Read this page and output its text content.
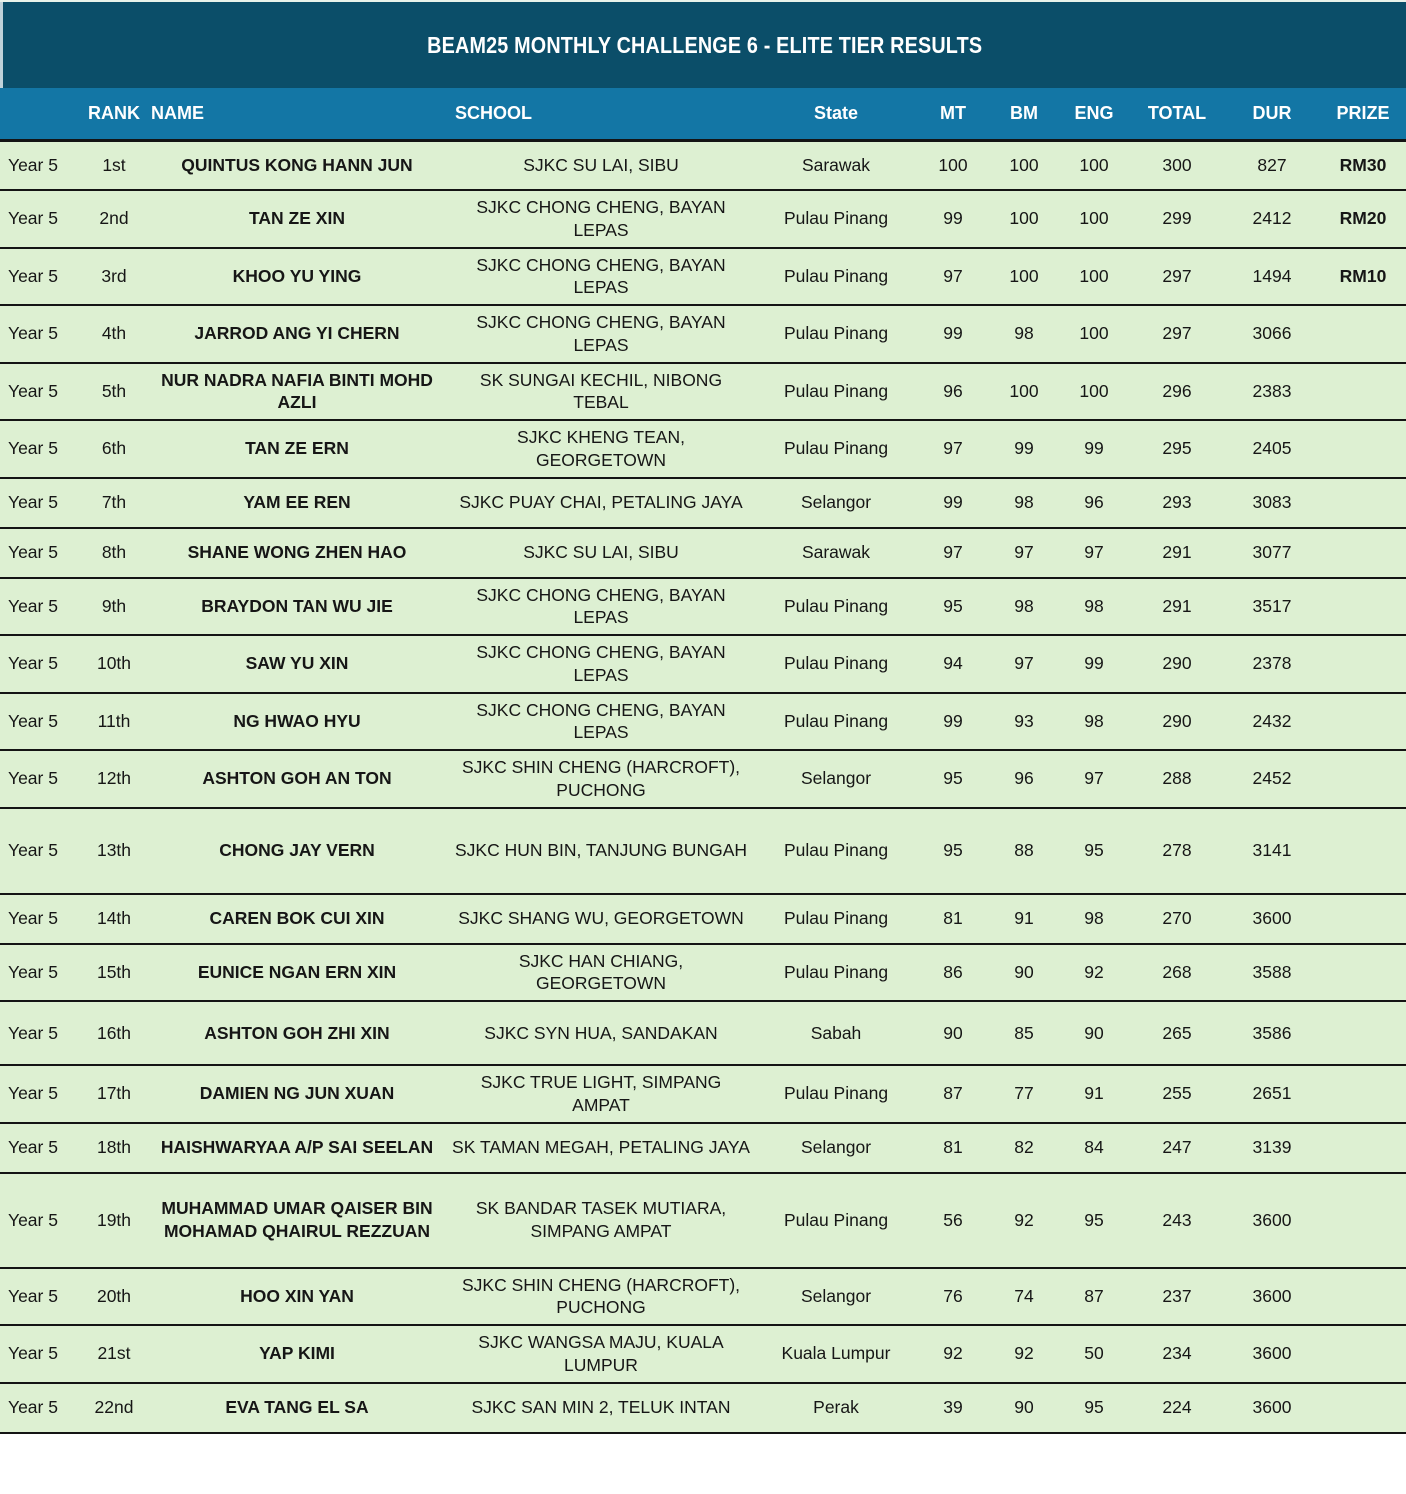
BEAM25 MONTHLY CHALLENGE 6 - ELITE TIER RESULTS
	RANK	NAME	SCHOOL	State	MT	BM	ENG	TOTAL	DUR	PRIZE
Year 5	1st	QUINTUS KONG HANN JUN	SJKC SU LAI, SIBU	Sarawak	100	100	100	300	827	RM30
Year 5	2nd	TAN ZE XIN	SJKC CHONG CHENG, BAYAN LEPAS	Pulau Pinang	99	100	100	299	2412	RM20
Year 5	3rd	KHOO YU YING	SJKC CHONG CHENG, BAYAN LEPAS	Pulau Pinang	97	100	100	297	1494	RM10
Year 5	4th	JARROD ANG YI CHERN	SJKC CHONG CHENG, BAYAN LEPAS	Pulau Pinang	99	98	100	297	3066	
Year 5	5th	NUR NADRA NAFIA BINTI MOHD AZLI	SK SUNGAI KECHIL, NIBONG TEBAL	Pulau Pinang	96	100	100	296	2383	
Year 5	6th	TAN ZE ERN	SJKC KHENG TEAN, GEORGETOWN	Pulau Pinang	97	99	99	295	2405	
Year 5	7th	YAM EE REN	SJKC PUAY CHAI, PETALING JAYA	Selangor	99	98	96	293	3083	
Year 5	8th	SHANE WONG ZHEN HAO	SJKC SU LAI, SIBU	Sarawak	97	97	97	291	3077	
Year 5	9th	BRAYDON TAN WU JIE	SJKC CHONG CHENG, BAYAN LEPAS	Pulau Pinang	95	98	98	291	3517	
Year 5	10th	SAW YU XIN	SJKC CHONG CHENG, BAYAN LEPAS	Pulau Pinang	94	97	99	290	2378	
Year 5	11th	NG HWAO HYU	SJKC CHONG CHENG, BAYAN LEPAS	Pulau Pinang	99	93	98	290	2432	
Year 5	12th	ASHTON GOH AN TON	SJKC SHIN CHENG (HARCROFT), PUCHONG	Selangor	95	96	97	288	2452	
Year 5	13th	CHONG JAY VERN	SJKC HUN BIN, TANJUNG BUNGAH	Pulau Pinang	95	88	95	278	3141	
Year 5	14th	CAREN BOK CUI XIN	SJKC SHANG WU, GEORGETOWN	Pulau Pinang	81	91	98	270	3600	
Year 5	15th	EUNICE NGAN ERN XIN	SJKC HAN CHIANG, GEORGETOWN	Pulau Pinang	86	90	92	268	3588	
Year 5	16th	ASHTON GOH ZHI XIN	SJKC SYN HUA, SANDAKAN	Sabah	90	85	90	265	3586	
Year 5	17th	DAMIEN NG JUN XUAN	SJKC TRUE LIGHT, SIMPANG AMPAT	Pulau Pinang	87	77	91	255	2651	
Year 5	18th	HAISHWARYAA A/P SAI SEELAN	SK TAMAN MEGAH, PETALING JAYA	Selangor	81	82	84	247	3139	
Year 5	19th	MUHAMMAD UMAR QAISER BIN MOHAMAD QHAIRUL REZZUAN	SK BANDAR TASEK MUTIARA, SIMPANG AMPAT	Pulau Pinang	56	92	95	243	3600	
Year 5	20th	HOO XIN YAN	SJKC SHIN CHENG (HARCROFT), PUCHONG	Selangor	76	74	87	237	3600	
Year 5	21st	YAP KIMI	SJKC WANGSA MAJU, KUALA LUMPUR	Kuala Lumpur	92	92	50	234	3600	
Year 5	22nd	EVA TANG EL SA	SJKC SAN MIN 2, TELUK INTAN	Perak	39	90	95	224	3600	
